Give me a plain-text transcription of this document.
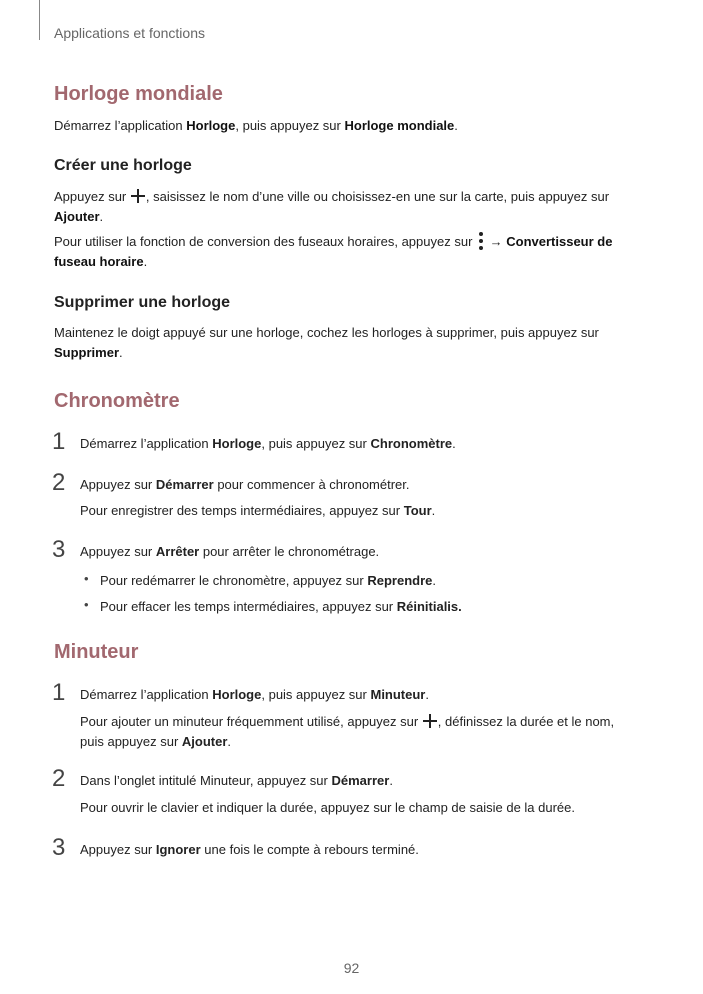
Applications et fonctions
Horloge mondiale
Démarrez l’application Horloge, puis appuyez sur Horloge mondiale.
Créer une horloge
Appuyez sur , saisissez le nom d’une ville ou choisissez-en une sur la carte, puis appuyez sur Ajouter.
Pour utiliser la fonction de conversion des fuseaux horaires, appuyez sur
→ Convertisseur de fuseau horaire.
Supprimer une horloge
Maintenez le doigt appuyé sur une horloge, cochez les horloges à supprimer, puis appuyez sur Supprimer.
Chronomètre
1 Démarrez l’application Horloge, puis appuyez sur Chronomètre.
2 Appuyez sur Démarrer pour commencer à chronométrer.
Pour enregistrer des temps intermédiaires, appuyez sur Tour.
3 Appuyez sur Arrêter pour arrêter le chronométrage.
• Pour redémarrer le chronomètre, appuyez sur Reprendre.
• Pour effacer les temps intermédiaires, appuyez sur Réinitialis.
Minuteur
1 Démarrez l’application Horloge, puis appuyez sur Minuteur.
Pour ajouter un minuteur fréquemment utilisé, appuyez sur , définissez la durée et le nom, puis appuyez sur Ajouter.
2 Dans l’onglet intitulé Minuteur, appuyez sur Démarrer.
Pour ouvrir le clavier et indiquer la durée, appuyez sur le champ de saisie de la durée.
3 Appuyez sur Ignorer une fois le compte à rebours terminé.
92
